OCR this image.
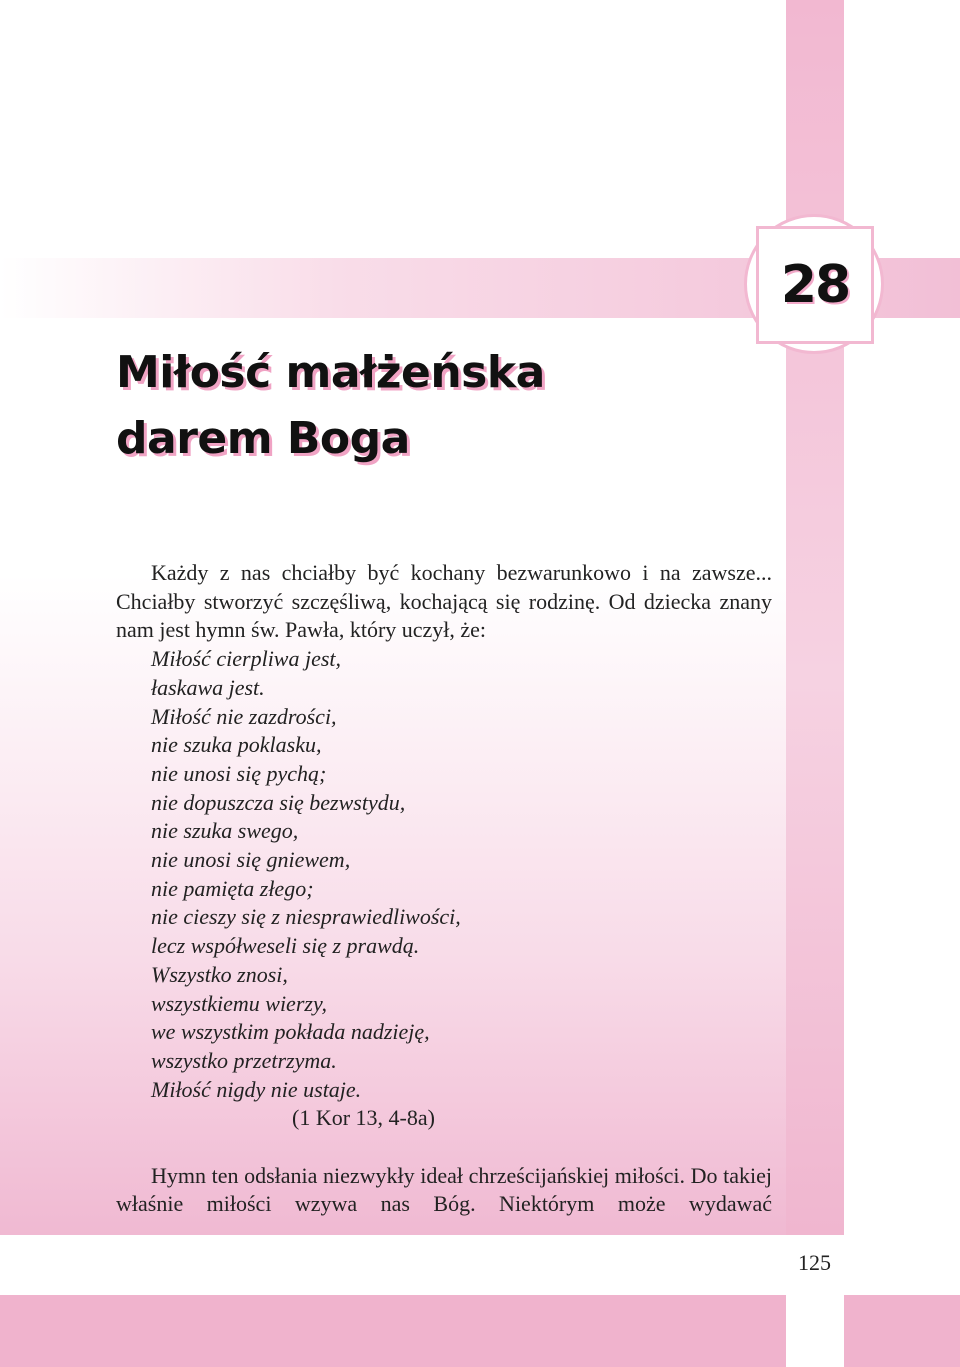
28
Miłość małżeńska
darem Boga

Każdy z nas chciałby być kochany bezwarunkowo i na zawsze... Chciałby stworzyć szczęśliwą, kochającą się rodzinę. Od dziecka znany nam jest hymn św. Pawła, który uczył, że:

Miłość cierpliwa jest,
łaskawa jest.
Miłość nie zazdrości,
nie szuka poklasku,
nie unosi się pychą;
nie dopuszcza się bezwstydu,
nie szuka swego,
nie unosi się gniewem,
nie pamięta złego;
nie cieszy się z niesprawiedliwości,
lecz współweseli się z prawdą.
Wszystko znosi,
wszystkiemu wierzy,
we wszystkim pokłada nadzieję,
wszystko przetrzyma.
Miłość nigdy nie ustaje.

(1 Kor 13, 4-8a)

Hymn ten odsłania niezwykły ideał chrześcijańskiej miłości. Do takiej właśnie miłości wzywa nas Bóg. Niektórym może wydawać

125
